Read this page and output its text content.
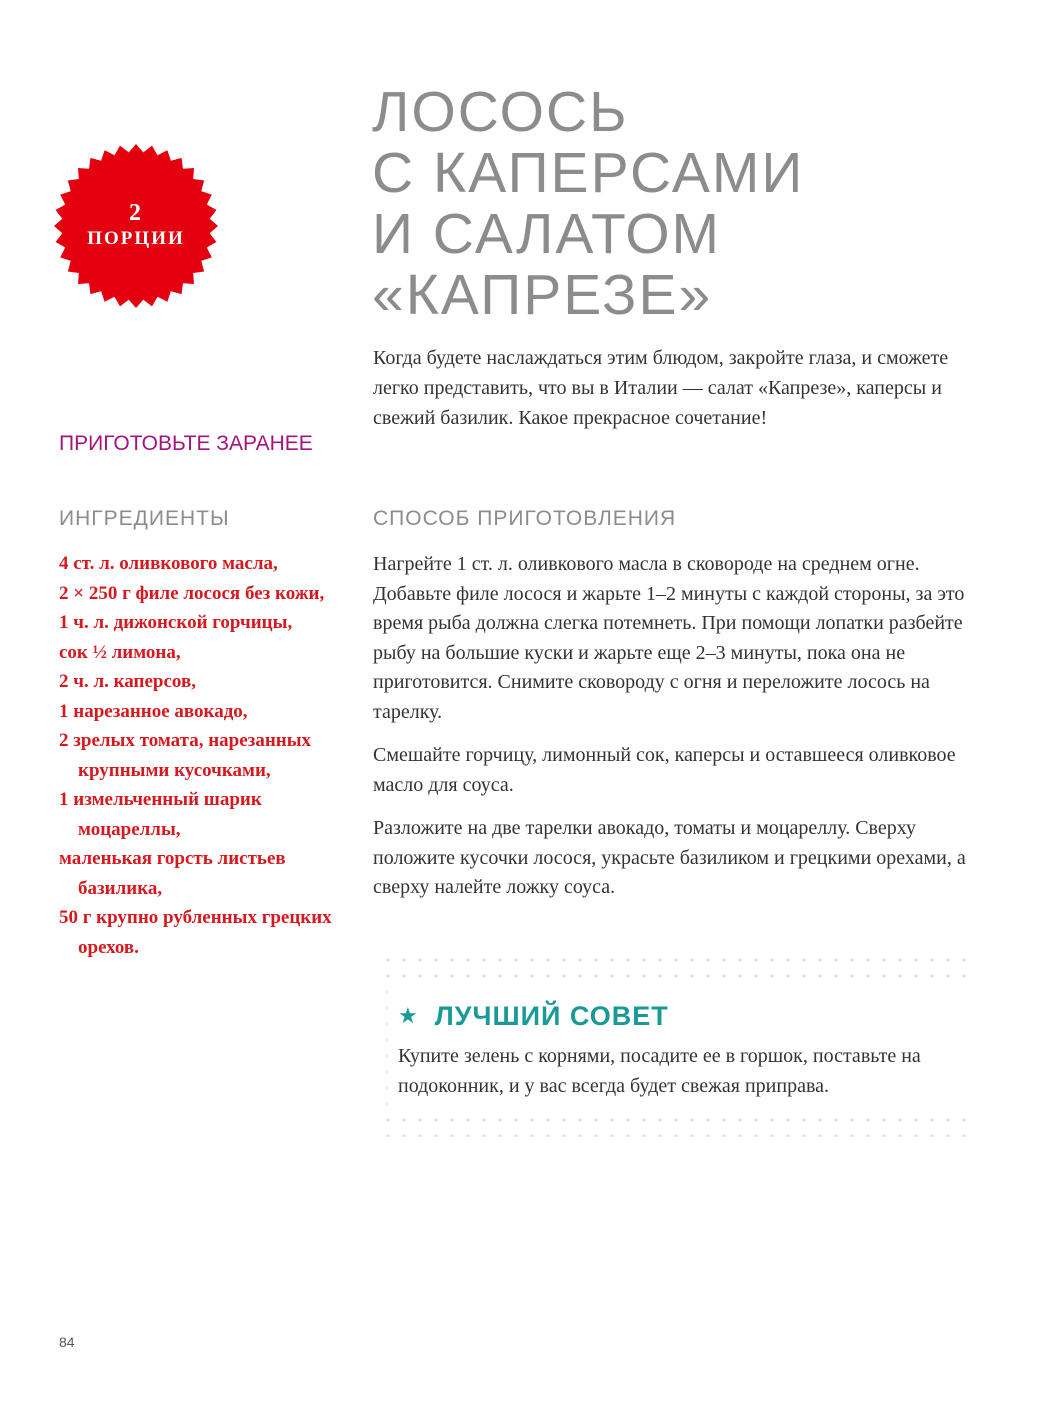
2
ПОРЦИИ
ЛОСОСЬ
С КАПЕРСАМИ
И САЛАТОМ
«КАПРЕЗЕ»
Когда будете наслаждаться этим блюдом, закройте глаза, и сможете легко представить, что вы в Италии — салат «Капрезе», каперсы и свежий базилик. Какое прекрасное сочетание!
ПРИГОТОВЬТЕ ЗАРАНЕЕ
ИНГРЕДИЕНТЫ	СПОСОБ ПРИГОТОВЛЕНИЯ
4 ст. л. оливкового масла,
2 × 250 г филе лосося без кожи,
1 ч. л. дижонской горчицы,
сок ½ лимона,
2 ч. л. каперсов,
1 нарезанное авокадо,
2 зрелых томата, нарезанных крупными кусочками,
1 измельченный шарик моцареллы,
маленькая горсть листьев базилика,
50 г крупно рубленных грецких орехов.

Нагрейте 1 ст. л. оливкового масла в сковороде на среднем огне. Добавьте филе лосося и жарьте 1–2 минуты с каждой стороны, за это время рыба должна слегка потемнеть. При помощи лопатки разбейте рыбу на большие куски и жарьте еще 2–3 минуты, пока она не приготовится. Снимите сковороду с огня и переложите лосось на тарелку.

Смешайте горчицу, лимонный сок, каперсы и оставшееся оливковое масло для соуса.

Разложите на две тарелки авокадо, томаты и моцареллу. Сверху положите кусочки лосося, украсьте базиликом и грецкими орехами, а сверху налейте ложку соуса.

★ ЛУЧШИЙ СОВЕТ
Купите зелень с корнями, посадите ее в горшок, поставьте на подоконник, и у вас всегда будет свежая приправа.
84
